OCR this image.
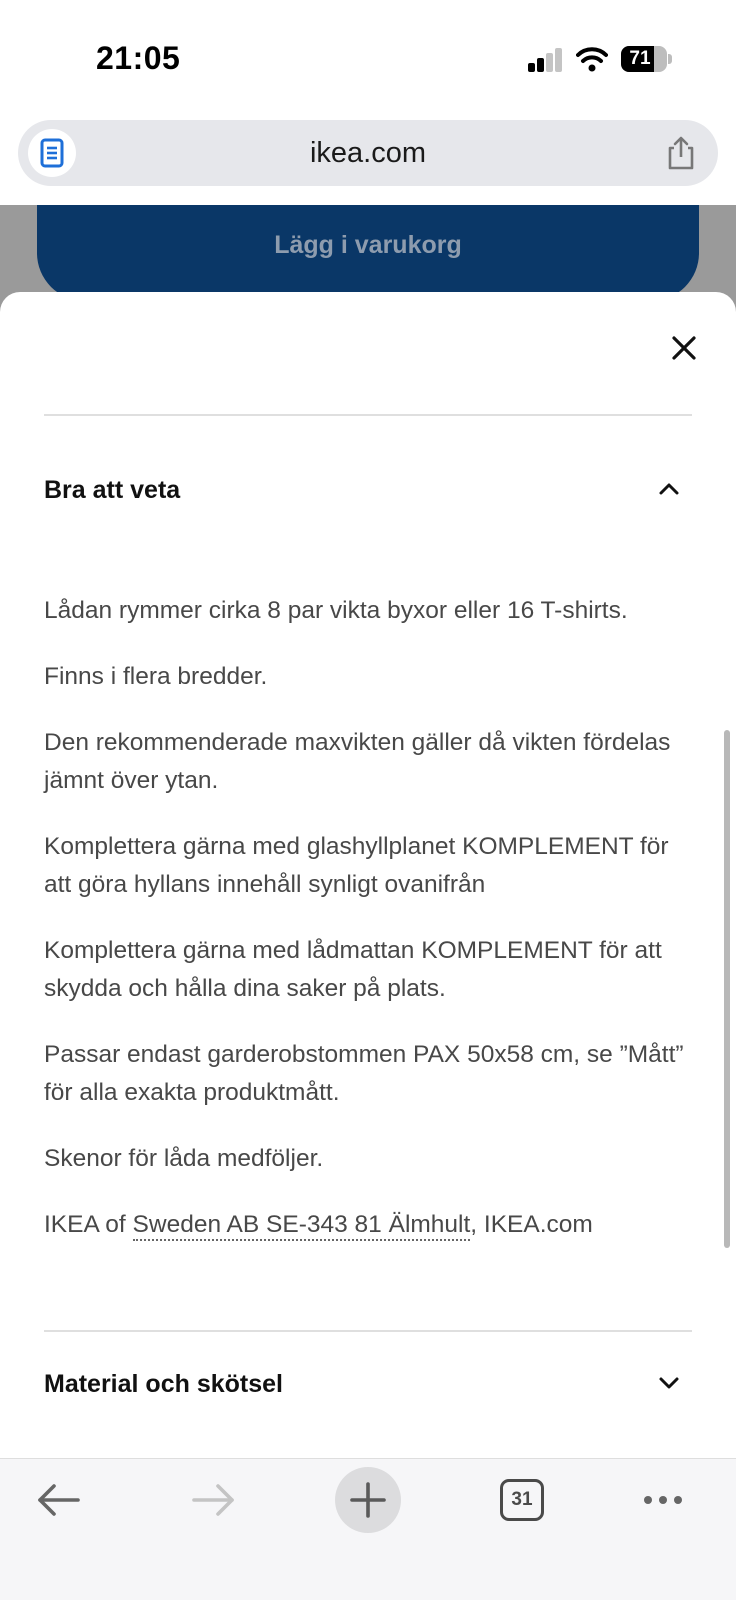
21:05	71
ikea.com
Lägg i varukorg
Bra att veta

Lådan rymmer cirka 8 par vikta byxor eller 16 T-shirts.

Finns i flera bredder.

Den rekommenderade maxvikten gäller då vikten fördelas jämnt över ytan.

Komplettera gärna med glashyllplanet KOMPLEMENT för att göra hyllans innehåll synligt ovanifrån

Komplettera gärna med lådmattan KOMPLEMENT för att skydda och hålla dina saker på plats.

Passar endast garderobstommen PAX 50x58 cm, se ”Mått” för alla exakta produktmått.

Skenor för låda medföljer.

IKEA of Sweden AB SE-343 81 Älmhult, IKEA.com

Material och skötsel
31
